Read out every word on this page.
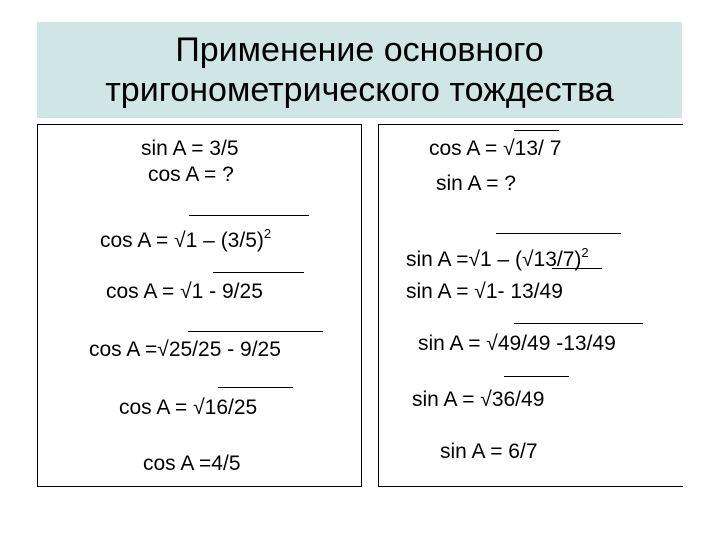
Применение основного
тригонометрического тождества
sin A = 3/5
cos A = ?
$\cos A = √1 - (3/5)^2$
cos A = √1 - 9/25
cos A =√25/25 - 9/25
cos A = √16/25
cos A =4/5
cos A = √13/ 7
sin A = ?
$\sin A =√1 - (√13/7)^2$
sin A = √1- 13/49
sin A = √49/49 -13/49
sin A = √36/49
sin A = 6/7
